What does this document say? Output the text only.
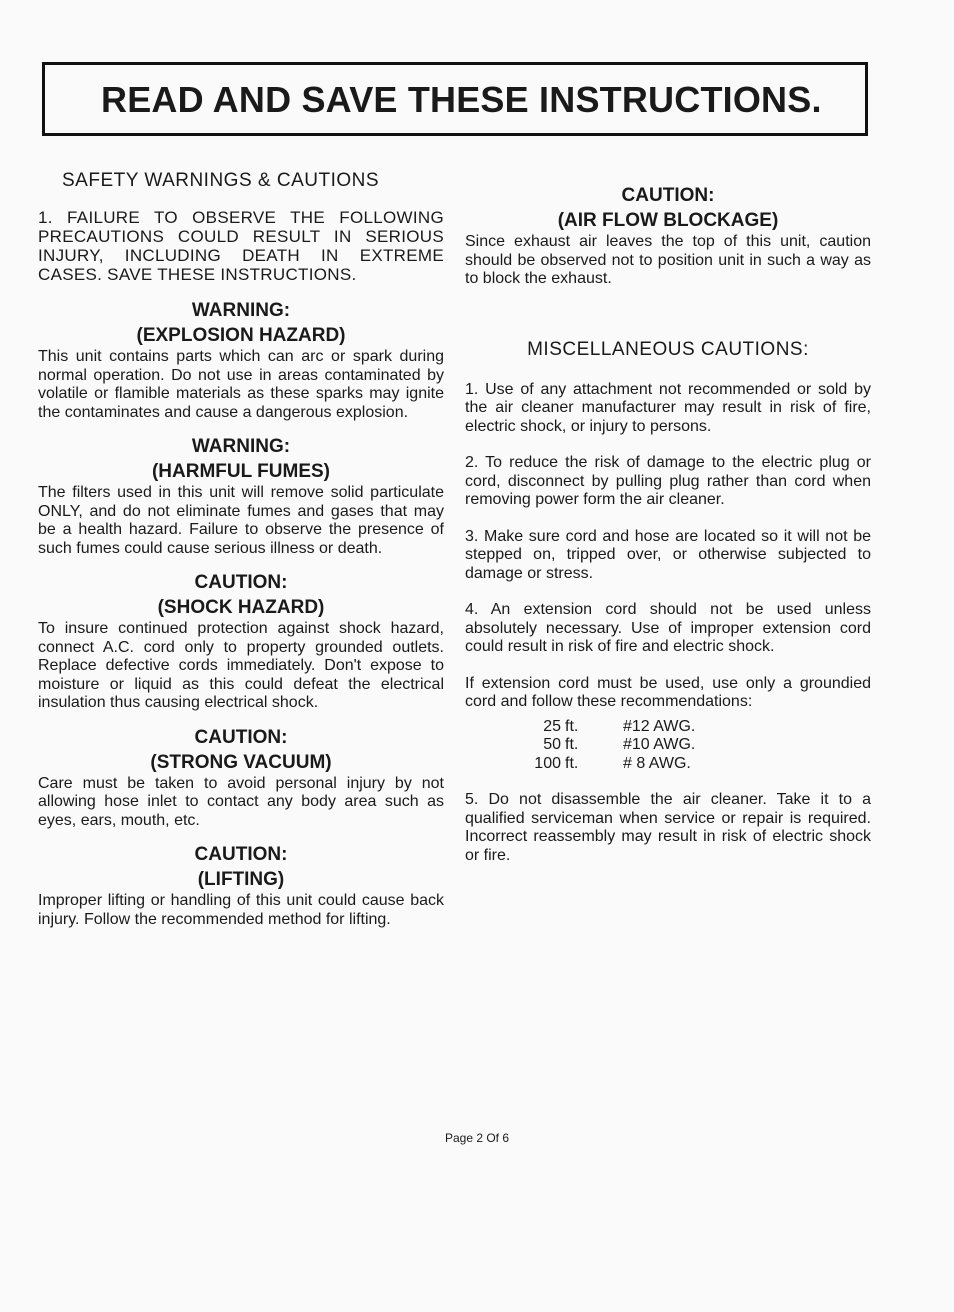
READ AND SAVE THESE INSTRUCTIONS.
SAFETY WARNINGS & CAUTIONS

1. FAILURE TO OBSERVE THE FOLLOWING PRECAUTIONS COULD RESULT IN SERIOUS INJURY, INCLUDING DEATH IN EXTREME CASES. SAVE THESE INSTRUCTIONS.

WARNING:

(EXPLOSION HAZARD)

This unit contains parts which can arc or spark during normal operation. Do not use in areas contaminated by volatile or flamible materials as these sparks may ignite the contaminates and cause a dangerous explosion.

WARNING:

(HARMFUL FUMES)

The filters used in this unit will remove solid particulate ONLY, and do not eliminate fumes and gases that may be a health hazard. Failure to observe the presence of such fumes could cause serious illness or death.

CAUTION:

(SHOCK HAZARD)

To insure continued protection against shock hazard, connect A.C. cord only to property grounded outlets. Replace defective cords immediately. Don't expose to moisture or liquid as this could defeat the electrical insulation thus causing electrical shock.

CAUTION:

(STRONG VACUUM)

Care must be taken to avoid personal injury by not allowing hose inlet to contact any body area such as eyes, ears, mouth, etc.

CAUTION:

(LIFTING)

Improper lifting or handling of this unit could cause back injury. Follow the recommended method for lifting.

CAUTION:

(AIR FLOW BLOCKAGE)

Since exhaust air leaves the top of this unit, caution should be observed not to position unit in such a way as to block the exhaust.

MISCELLANEOUS CAUTIONS:

1. Use of any attachment not recommended or sold by the air cleaner manufacturer may result in risk of fire, electric shock, or injury to persons.

2. To reduce the risk of damage to the electric plug or cord, disconnect by pulling plug rather than cord when removing power form the air cleaner.

3. Make sure cord and hose are located so it will not be stepped on, tripped over, or otherwise subjected to damage or stress.

4. An extension cord should not be used unless absolutely necessary. Use of improper extension cord could result in risk of fire and electric shock.

If extension cord must be used, use only a groundied cord and follow these recommendations:

25	ft.	#12 AWG.
50	ft.	#10 AWG.
100	ft.	# 8 AWG.

5. Do not disassemble the air cleaner. Take it to a qualified serviceman when service or repair is required. Incorrect reassembly may result in risk of electric shock or fire.

Page 2 Of 6
